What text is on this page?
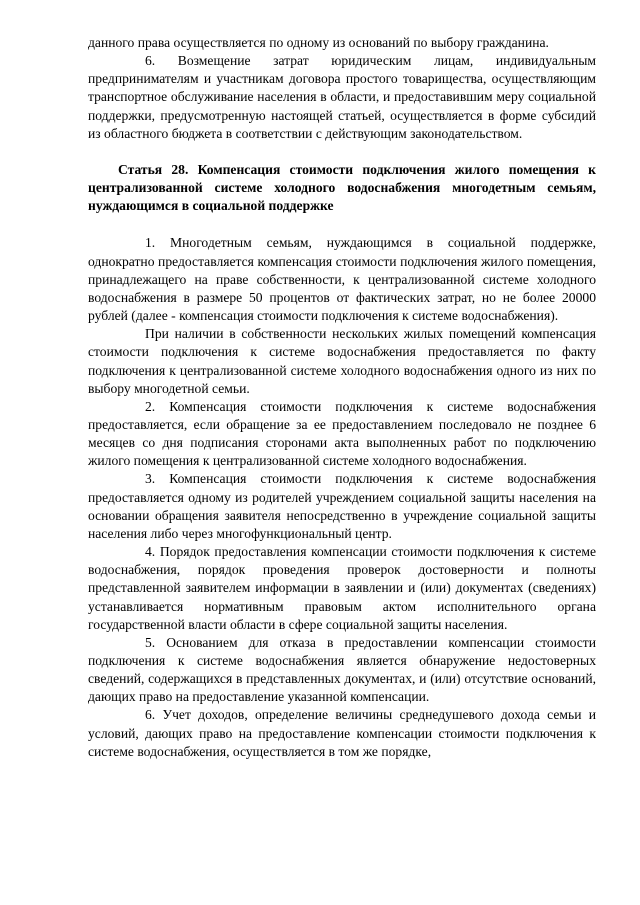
данного права осуществляется по одному из оснований по выбору гражданина.

6. Возмещение затрат юридическим лицам, индивидуальным предпринимателям и участникам договора простого товарищества, осуществляющим транспортное обслуживание населения в области, и предоставившим меру социальной поддержки, предусмотренную настоящей статьей, осуществляется в форме субсидий из областного бюджета в соответствии с действующим законодательством.

Статья 28. Компенсация стоимости подключения жилого помещения к централизованной системе холодного водоснабжения многодетным семьям, нуждающимся в социальной поддержке

1. Многодетным семьям, нуждающимся в социальной поддержке, однократно предоставляется компенсация стоимости подключения жилого помещения, принадлежащего на праве собственности, к централизованной системе холодного водоснабжения в размере 50 процентов от фактических затрат, но не более 20000 рублей (далее - компенсация стоимости подключения к системе водоснабжения).

При наличии в собственности нескольких жилых помещений компенсация стоимости подключения к системе водоснабжения предоставляется по факту подключения к централизованной системе холодного водоснабжения одного из них по выбору многодетной семьи.

2. Компенсация стоимости подключения к системе водоснабжения предоставляется, если обращение за ее предоставлением последовало не позднее 6 месяцев со дня подписания сторонами акта выполненных работ по подключению жилого помещения к централизованной системе холодного водоснабжения.

3. Компенсация стоимости подключения к системе водоснабжения предоставляется одному из родителей учреждением социальной защиты населения на основании обращения заявителя непосредственно в учреждение социальной защиты населения либо через многофункциональный центр.

4. Порядок предоставления компенсации стоимости подключения к системе водоснабжения, порядок проведения проверок достоверности и полноты представленной заявителем информации в заявлении и (или) документах (сведениях) устанавливается нормативным правовым актом исполнительного органа государственной власти области в сфере социальной защиты населения.

5. Основанием для отказа в предоставлении компенсации стоимости подключения к системе водоснабжения является обнаружение недостоверных сведений, содержащихся в представленных документах, и (или) отсутствие оснований, дающих право на предоставление указанной компенсации.

6. Учет доходов, определение величины среднедушевого дохода семьи и условий, дающих право на предоставление компенсации стоимости подключения к системе водоснабжения, осуществляется в том же порядке,
